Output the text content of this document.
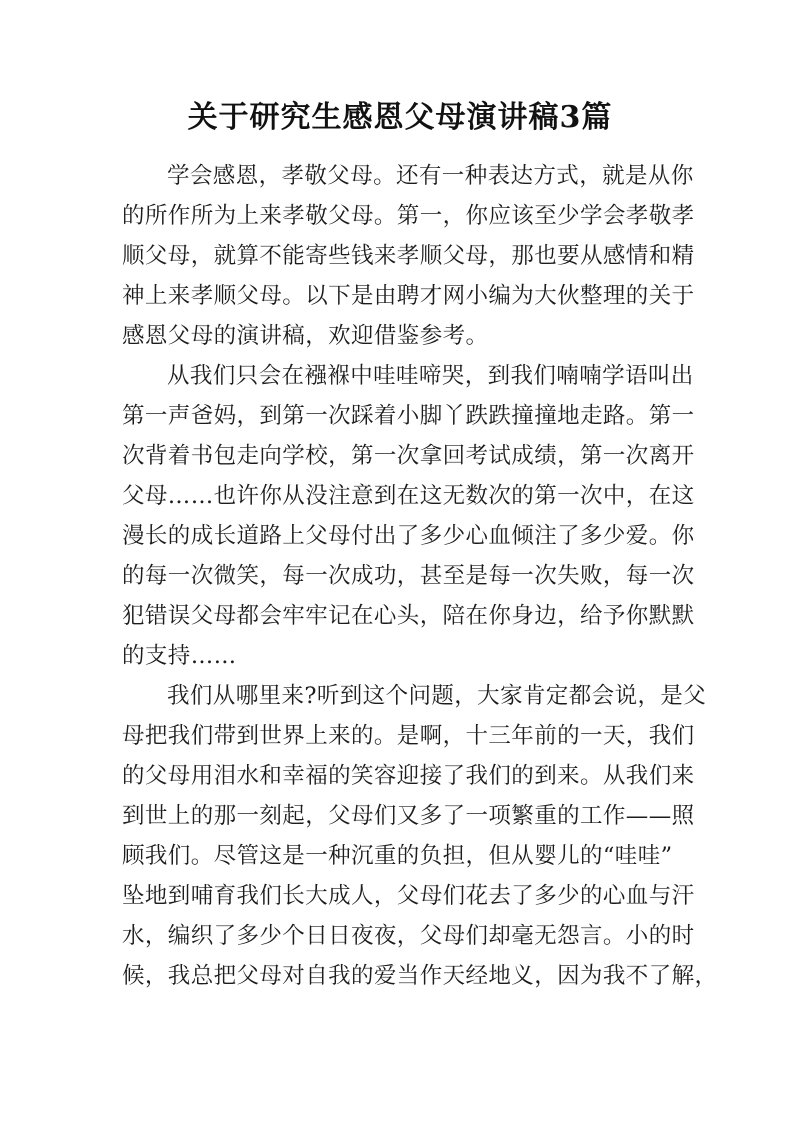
关于研究生感恩父母演讲稿3篇
学会感恩，孝敬父母。还有一种表达方式，就是从你
的所作所为上来孝敬父母。第一，你应该至少学会孝敬孝
顺父母，就算不能寄些钱来孝顺父母，那也要从感情和精
神上来孝顺父母。以下是由聘才网小编为大伙整理的关于
感恩父母的演讲稿，欢迎借鉴参考。
从我们只会在襁褓中哇哇啼哭，到我们喃喃学语叫出
第一声爸妈，到第一次踩着小脚丫跌跌撞撞地走路。第一
次背着书包走向学校，第一次拿回考试成绩，第一次离开
父母……也许你从没注意到在这无数次的第一次中，在这
漫长的成长道路上父母付出了多少心血倾注了多少爱。你
的每一次微笑，每一次成功，甚至是每一次失败，每一次
犯错误父母都会牢牢记在心头，陪在你身边，给予你默默
的支持……
我们从哪里来?听到这个问题，大家肯定都会说，是父
母把我们带到世界上来的。是啊，十三年前的一天，我们
的父母用泪水和幸福的笑容迎接了我们的到来。从我们来
到世上的那一刻起，父母们又多了一项繁重的工作——照
顾我们。尽管这是一种沉重的负担，但从婴儿的“哇哇”
坠地到哺育我们长大成人，父母们花去了多少的心血与汗
水，编织了多少个日日夜夜，父母们却毫无怨言。小的时
候，我总把父母对自我的爱当作天经地义，因为我不了解，
